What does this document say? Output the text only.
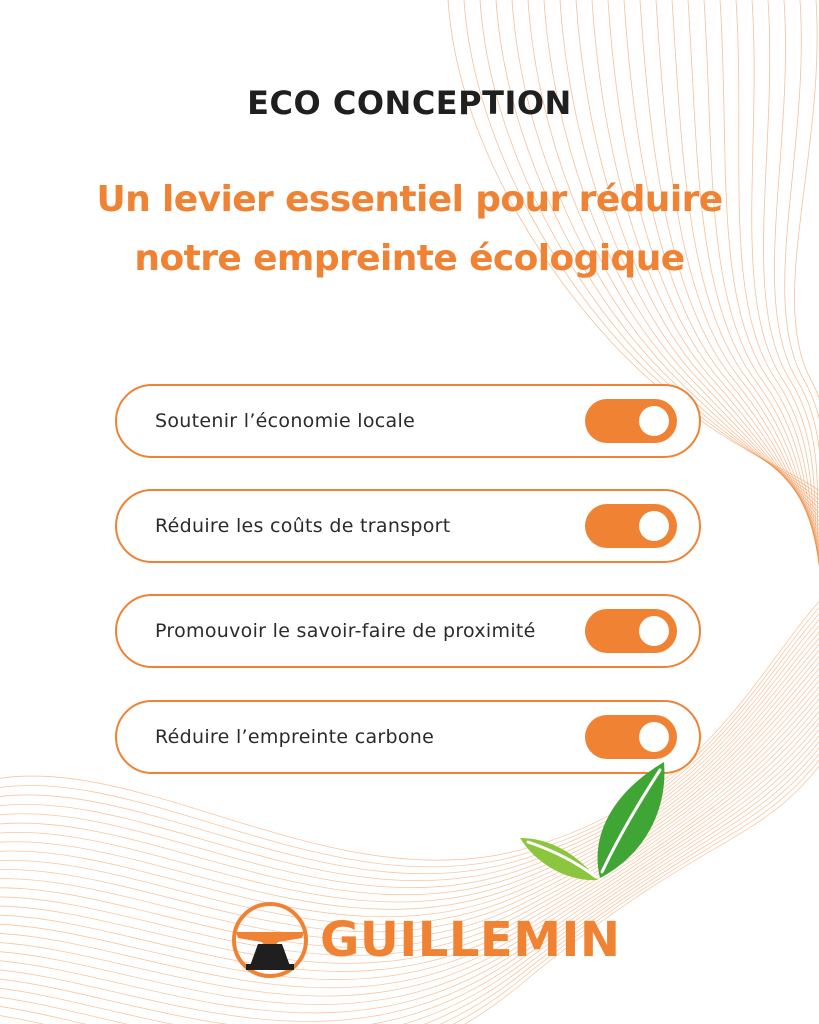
ECO CONCEPTION
Un levier essentiel pour réduire
notre empreinte écologique
Soutenir l’économie locale
Réduire les coûts de transport
Promouvoir le savoir-faire de proximité
Réduire l’empreinte carbone
GUILLEMIN
